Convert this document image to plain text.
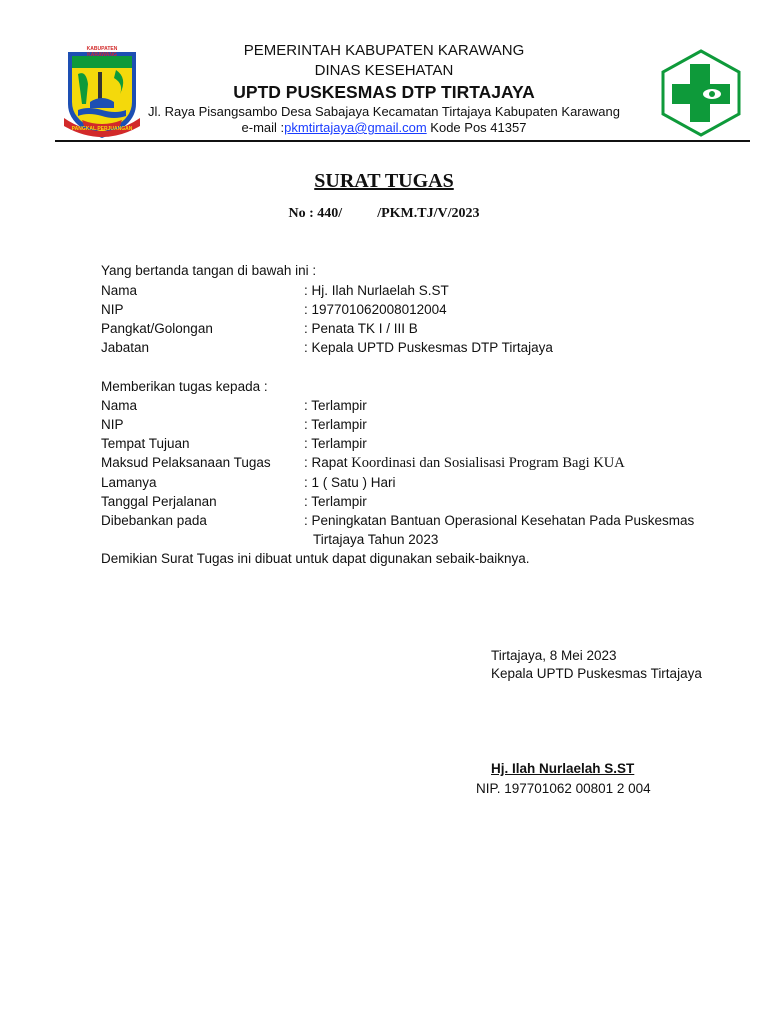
KABUPATEN KARAWANG
PANGKAL PERJUANGAN
PEMERINTAH KABUPATEN KARAWANG
DINAS KESEHATAN
UPTD PUSKESMAS DTP TIRTAJAYA
Jl. Raya Pisangsambo Desa Sabajaya Kecamatan Tirtajaya Kabupaten Karawang
e-mail :pkmtirtajaya@gmail.com Kode Pos 41357
SURAT TUGAS
No : 440/          /PKM.TJ/V/2023
Yang bertanda tangan di bawah ini :
Nama	: Hj. Ilah Nurlaelah S.ST
NIP	: 197701062008012004
Pangkat/Golongan	: Penata TK I / III B
Jabatan	: Kepala UPTD Puskesmas DTP Tirtajaya
Memberikan tugas kepada :
Nama	: Terlampir
NIP	: Terlampir
Tempat Tujuan	: Terlampir
Maksud Pelaksanaan Tugas : Rapat Koordinasi dan Sosialisasi Program Bagi KUA
Lamanya	: 1 ( Satu ) Hari
Tanggal Perjalanan	: Terlampir
Dibebankan pada	: Peningkatan Bantuan Operasional Kesehatan Pada Puskesmas
Tirtajaya Tahun 2023
Demikian Surat Tugas ini dibuat untuk dapat digunakan sebaik-baiknya.
Tirtajaya, 8 Mei 2023
Kepala UPTD Puskesmas Tirtajaya
Hj. Ilah Nurlaelah S.ST
NIP. 197701062 00801 2 004
